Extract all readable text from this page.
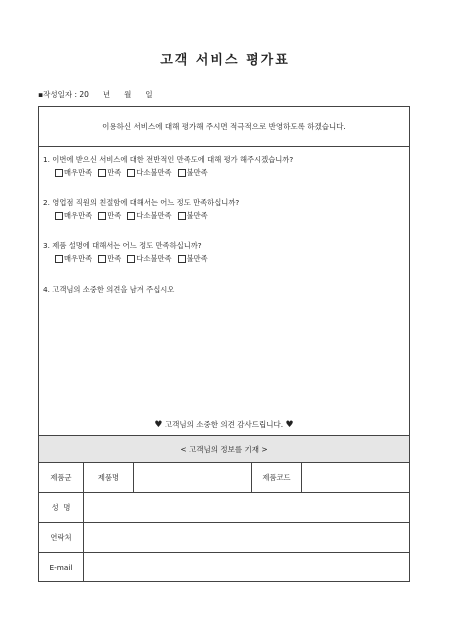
고객 서비스 평가표
▪작성일자 : 20 년 월 일
이용하신 서비스에 대해 평가해 주시면 적극적으로 반영하도록 하겠습니다.
1. 이번에 받으신 서비스에 대한 전반적인 만족도에 대해 평가 해주시겠습니까?
매우만족 만족 다소불만족 불만족
2. 영업점 직원의 친절함에 대해서는 어느 정도 만족하십니까?
매우만족 만족 다소불만족 불만족
3. 제품 설명에 대해서는 어느 정도 만족하십니까?
매우만족 만족 다소불만족 불만족
4. 고객님의 소중한 의견을 남겨 주십시오
♥ 고객님의 소중한 의견 감사드립니다. ♥
< 고객님의 정보를 기재 >
제품군	제품명	제품코드
성  명
연락처
E-mail
